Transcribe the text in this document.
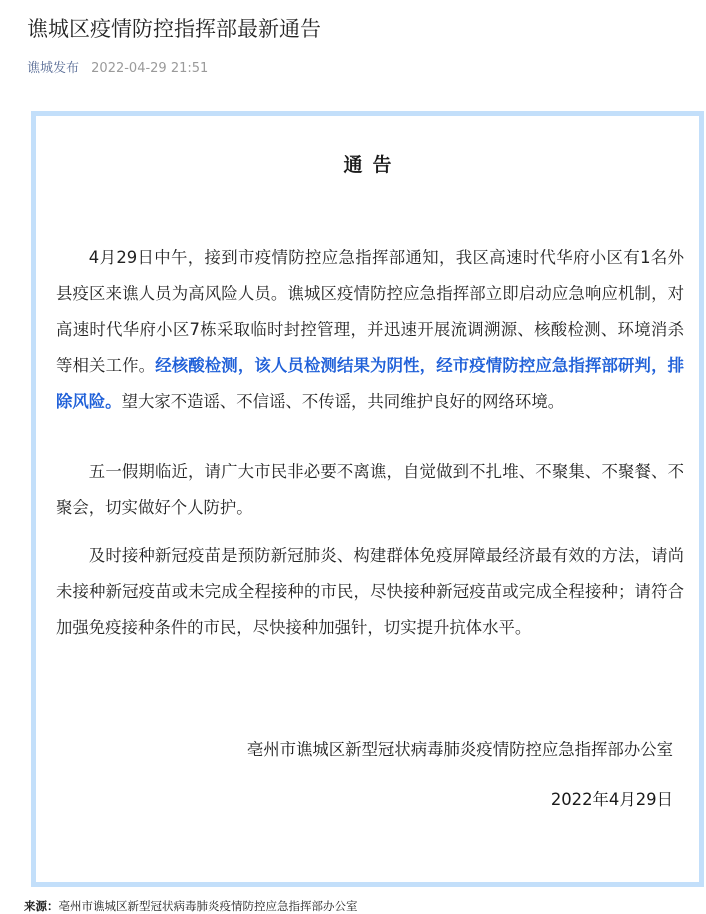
谯城区疫情防控指挥部最新通告
谯城发布 2022-04-29 21:51
通告

4月29日中午，接到市疫情防控应急指挥部通知，我区高速时代华府小区有1名外县疫区来谯人员为高风险人员。谯城区疫情防控应急指挥部立即启动应急响应机制，对高速时代华府小区7栋采取临时封控管理，并迅速开展流调溯源、核酸检测、环境消杀等相关工作。经核酸检测，该人员检测结果为阴性，经市疫情防控应急指挥部研判，排除风险。望大家不造谣、不信谣、不传谣，共同维护良好的网络环境。

五一假期临近，请广大市民非必要不离谯，自觉做到不扎堆、不聚集、不聚餐、不聚会，切实做好个人防护。

及时接种新冠疫苗是预防新冠肺炎、构建群体免疫屏障最经济最有效的方法，请尚未接种新冠疫苗或未完成全程接种的市民，尽快接种新冠疫苗或完成全程接种；请符合加强免疫接种条件的市民，尽快接种加强针，切实提升抗体水平。

亳州市谯城区新型冠状病毒肺炎疫情防控应急指挥部办公室
2022年4月29日
来源：亳州市谯城区新型冠状病毒肺炎疫情防控应急指挥部办公室
